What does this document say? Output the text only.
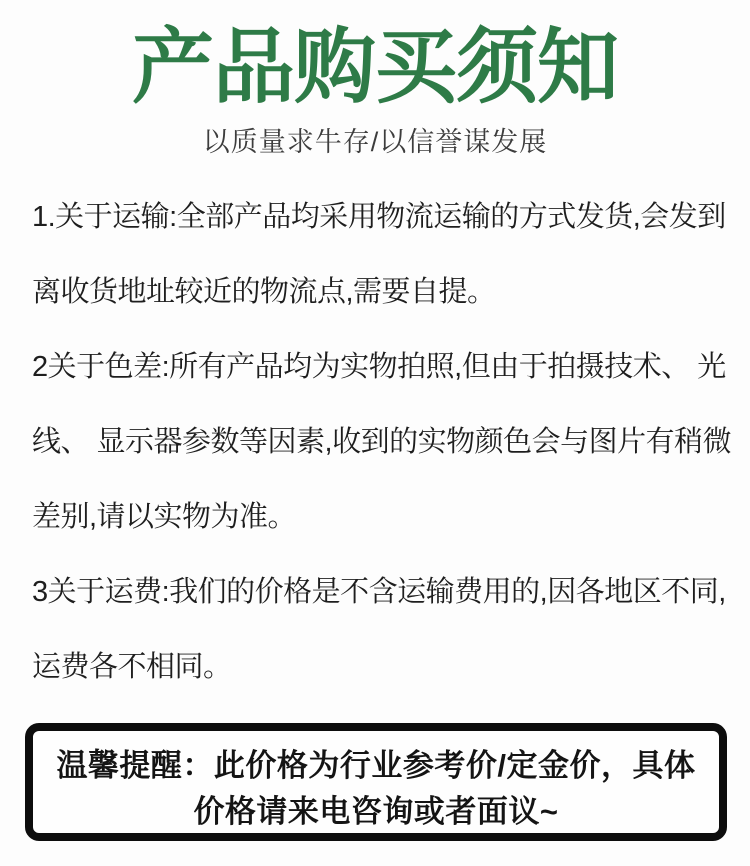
产品购买须知
以质量求牛存/以信誉谋发展
1.关于运输:全部产品均采用物流运输的方式发货,会发到
离收货地址较近的物流点,需要自提。
2关于色差:所有产品均为实物拍照,但由于拍摄技术、 光
线、 显示器参数等因素,收到的实物颜色会与图片有稍微
差别,请以实物为准。
3关于运费:我们的价格是不含运输费用的,因各地区不同,
运费各不相同。
温馨提醒：此价格为行业参考价/定金价，具体
价格请来电咨询或者面议~
